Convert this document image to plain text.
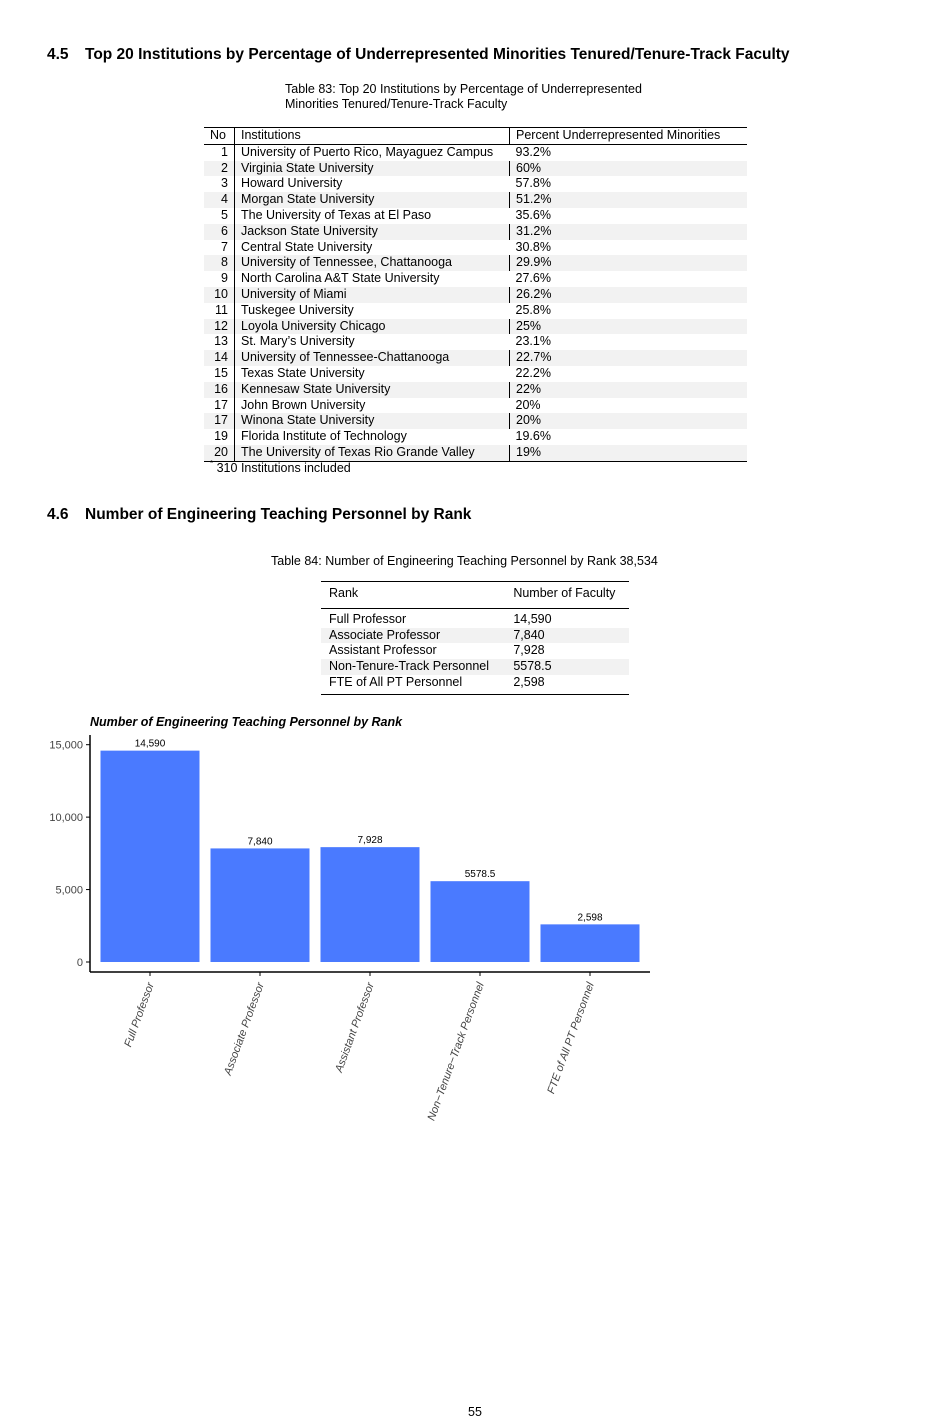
4.5 Top 20 Institutions by Percentage of Underrepresented Minorities Tenured/Tenure-Track Faculty
Table 83: Top 20 Institutions by Percentage of Underrepresented
Minorities Tenured/Tenure-Track Faculty
No	Institutions	Percent Underrepresented Minorities
1	University of Puerto Rico, Mayaguez Campus	93.2%
2	Virginia State University	60%
3	Howard University	57.8%
4	Morgan State University	51.2%
5	The University of Texas at El Paso	35.6%
6	Jackson State University	31.2%
7	Central State University	30.8%
8	University of Tennessee, Chattanooga	29.9%
9	North Carolina A&T State University	27.6%
10	University of Miami	26.2%
11	Tuskegee University	25.8%
12	Loyola University Chicago	25%
13	St. Mary’s University	23.1%
14	University of Tennessee-Chattanooga	22.7%
15	Texas State University	22.2%
16	Kennesaw State University	22%
17	John Brown University	20%
17	Winona State University	20%
19	Florida Institute of Technology	19.6%
20	The University of Texas Rio Grande Valley	19%
* 310 Institutions included
4.6 Number of Engineering Teaching Personnel by Rank
Table 84: Number of Engineering Teaching Personnel by Rank 38,534
Rank	Number of Faculty
Full Professor	14,590
Associate Professor	7,840
Assistant Professor	7,928
Non-Tenure-Track Personnel	5578.5
FTE of All PT Personnel	2,598
Number of Engineering Teaching Personnel by Rank
0
5,000
10,000
15,000	14,590
Full Professor
7,840
Associate Professor
7,928
Assistant Professor
5578.5
Non−Tenure−Track Personnel
2,598
FTE of All PT Personnel
55
